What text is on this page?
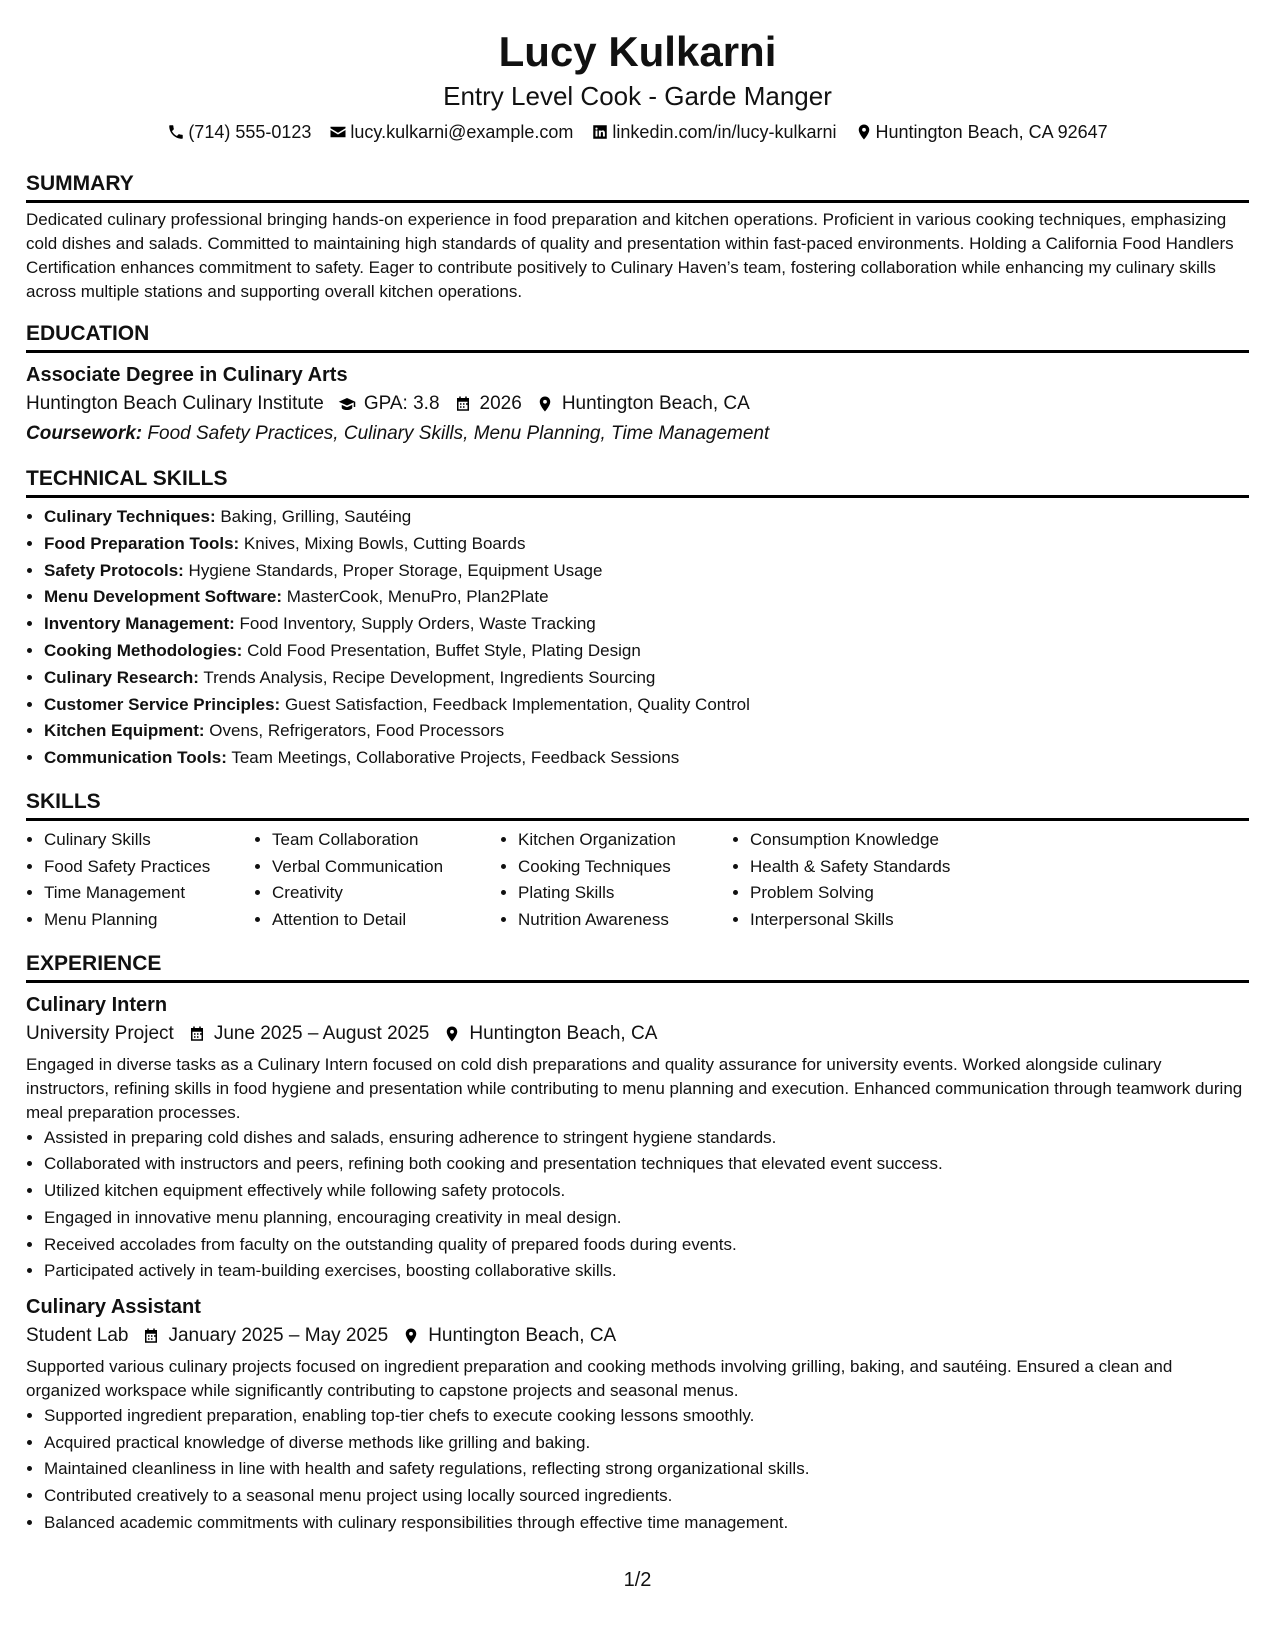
Lucy Kulkarni
Entry Level Cook - Garde Manger
(714) 555-0123 lucy.kulkarni@example.com linkedin.com/in/lucy-kulkarni Huntington Beach, CA 92647
SUMMARY
Dedicated culinary professional bringing hands-on experience in food preparation and kitchen operations. Proficient in various cooking techniques, emphasizing cold dishes and salads. Committed to maintaining high standards of quality and presentation within fast-paced environments. Holding a California Food Handlers Certification enhances commitment to safety. Eager to contribute positively to Culinary Haven’s team, fostering collaboration while enhancing my culinary skills across multiple stations and supporting overall kitchen operations.
EDUCATION
Associate Degree in Culinary Arts
Huntington Beach Culinary Institute GPA: 3.8 2026 Huntington Beach, CA
Coursework: Food Safety Practices, Culinary Skills, Menu Planning, Time Management
TECHNICAL SKILLS
• Culinary Techniques: Baking, Grilling, Sautéing
• Food Preparation Tools: Knives, Mixing Bowls, Cutting Boards
• Safety Protocols: Hygiene Standards, Proper Storage, Equipment Usage
• Menu Development Software: MasterCook, MenuPro, Plan2Plate
• Inventory Management: Food Inventory, Supply Orders, Waste Tracking
• Cooking Methodologies: Cold Food Presentation, Buffet Style, Plating Design
• Culinary Research: Trends Analysis, Recipe Development, Ingredients Sourcing
• Customer Service Principles: Guest Satisfaction, Feedback Implementation, Quality Control
• Kitchen Equipment: Ovens, Refrigerators, Food Processors
• Communication Tools: Team Meetings, Collaborative Projects, Feedback Sessions
SKILLS
• Culinary Skills
• Food Safety Practices
• Time Management
• Menu Planning
• Team Collaboration
• Verbal Communication
• Creativity
• Attention to Detail
• Kitchen Organization
• Cooking Techniques
• Plating Skills
• Nutrition Awareness
• Consumption Knowledge
• Health & Safety Standards
• Problem Solving
• Interpersonal Skills
EXPERIENCE
Culinary Intern
University Project June 2025 – August 2025 Huntington Beach, CA
Engaged in diverse tasks as a Culinary Intern focused on cold dish preparations and quality assurance for university events. Worked alongside culinary instructors, refining skills in food hygiene and presentation while contributing to menu planning and execution. Enhanced communication through teamwork during meal preparation processes.
• Assisted in preparing cold dishes and salads, ensuring adherence to stringent hygiene standards.
• Collaborated with instructors and peers, refining both cooking and presentation techniques that elevated event success.
• Utilized kitchen equipment effectively while following safety protocols.
• Engaged in innovative menu planning, encouraging creativity in meal design.
• Received accolades from faculty on the outstanding quality of prepared foods during events.
• Participated actively in team-building exercises, boosting collaborative skills.
Culinary Assistant
Student Lab January 2025 – May 2025 Huntington Beach, CA
Supported various culinary projects focused on ingredient preparation and cooking methods involving grilling, baking, and sautéing. Ensured a clean and organized workspace while significantly contributing to capstone projects and seasonal menus.
• Supported ingredient preparation, enabling top-tier chefs to execute cooking lessons smoothly.
• Acquired practical knowledge of diverse methods like grilling and baking.
• Maintained cleanliness in line with health and safety regulations, reflecting strong organizational skills.
• Contributed creatively to a seasonal menu project using locally sourced ingredients.
• Balanced academic commitments with culinary responsibilities through effective time management.
1/2
